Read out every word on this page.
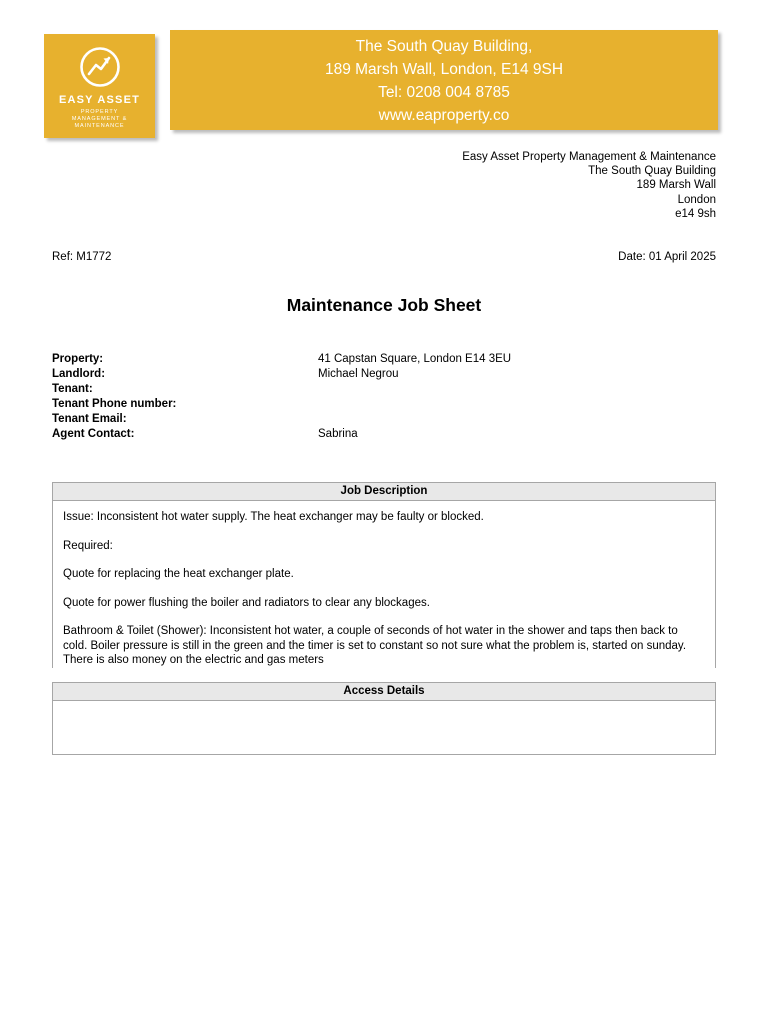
EASY ASSET
PROPERTY MANAGEMENT & MAINTENANCE
The South Quay Building,
189 Marsh Wall, London, E14 9SH
Tel: 0208 004 8785
www.eaproperty.co
Easy Asset Property Management & Maintenance
The South Quay Building
189 Marsh Wall
London
e14 9sh
Ref: M1772	Date: 01 April 2025
Maintenance Job Sheet
Property:	41 Capstan Square, London E14 3EU
Landlord:	Michael Negrou
Tenant:
Tenant Phone number:
Tenant Email:
Agent Contact:	Sabrina
Job Description

Issue: Inconsistent hot water supply. The heat exchanger may be faulty or blocked.

Required:

Quote for replacing the heat exchanger plate.

Quote for power flushing the boiler and radiators to clear any blockages.

Bathroom & Toilet (Shower): Inconsistent hot water, a couple of seconds of hot water in the shower and taps then back to cold. Boiler pressure is still in the green and the timer is set to constant so not sure what the problem is, started on sunday. There is also money on the electric and gas meters

Access Details
